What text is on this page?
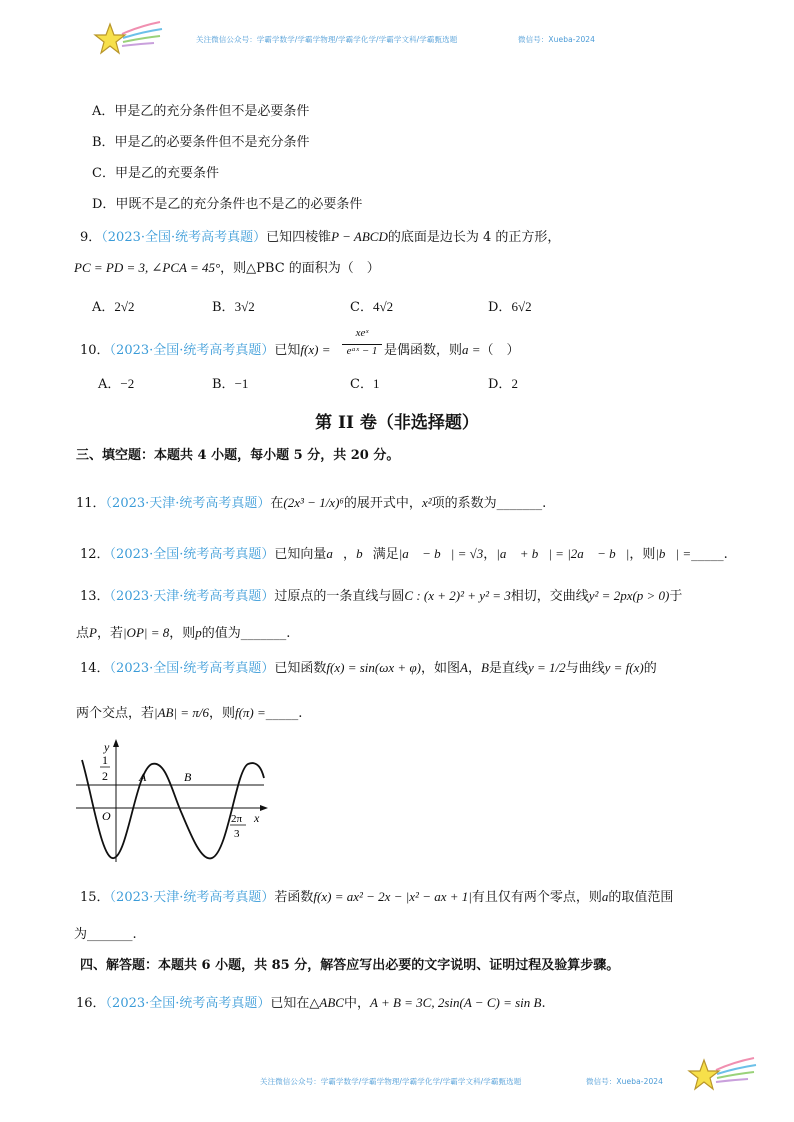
关注微信公众号：学霸学数学/学霸学物理/学霸学化学/学霸学文科/学霸甄选题	微信号：Xueba-2024
A．甲是乙的充分条件但不是必要条件
B．甲是乙的必要条件但不是充分条件
C．甲是乙的充要条件
D．甲既不是乙的充分条件也不是乙的必要条件
9．（2023·全国·统考高考真题）已知四棱锥P − ABCD的底面是边长为 4 的正方形，
PC = PD = 3, ∠PCA = 45°，则△PBC 的面积为（　）
A．2√2	B．3√2	C．4√2	D．6√2
10．（2023·全国·统考高考真题）已知f(x) =
xeˣ
eᵃˣ − 1 是偶函数，则a =（　）
A．−2	B．−1	C．1	D．2
第 II 卷（非选择题）
三、填空题：本题共 4 小题，每小题 5 分，共 20 分。
11．（2023·天津·统考高考真题）在(2x³ − 1/x)⁶的展开式中，x²项的系数为_______.
12．（2023·全国·统考高考真题）已知向量a⃗，b⃗满足|a⃗ − b⃗| = √3，|a⃗ + b⃗| = |2a⃗ − b⃗|，则|b⃗| =_____.
13．（2023·天津·统考高考真题）过原点的一条直线与圆C : (x + 2)² + y² = 3相切，交曲线y² = 2px(p > 0)于
点P，若|OP| = 8，则p的值为_______.
14．（2023·全国·统考高考真题）已知函数f(x) = sin(ωx + φ)，如图A，B是直线y = 1/2与曲线y = f(x)的
两个交点，若|AB| = π/6，则f(π) =_____.
y
x
1
2
O
A	B
2π
3
15．（2023·天津·统考高考真题）若函数f(x) = ax² − 2x − |x² − ax + 1|有且仅有两个零点，则a的取值范围
为_______.
四、解答题：本题共 6 小题，共 85 分，解答应写出必要的文字说明、证明过程及验算步骤。
16．（2023·全国·统考高考真题）已知在△ABC中，A + B = 3C, 2sin(A − C) = sin B.
关注微信公众号：学霸学数学/学霸学物理/学霸学化学/学霸学文科/学霸甄选题	微信号：Xueba-2024
